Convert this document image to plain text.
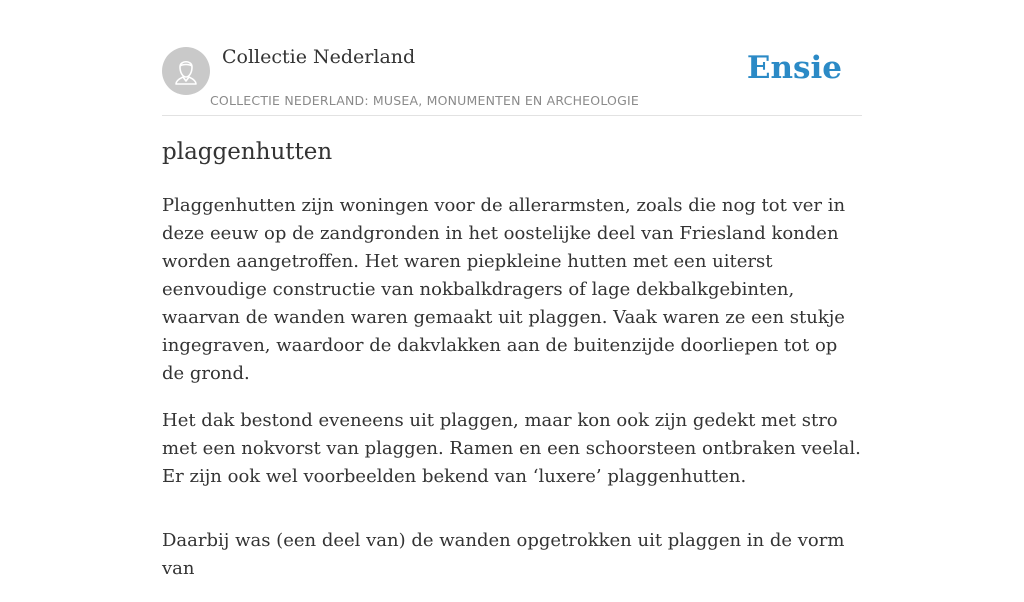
Collectie Nederland
COLLECTIE NEDERLAND: MUSEA, MONUMENTEN EN ARCHEOLOGIE
Ensie
plaggenhutten

Plaggenhutten zijn woningen voor de allerarmsten, zoals die nog tot ver in deze eeuw op de zandgronden in het oostelijke deel van Friesland konden worden aangetroffen. Het waren piepkleine hutten met een uiterst eenvoudige constructie van nokbalkdragers of lage dekbalkgebinten, waarvan de wanden waren gemaakt uit plaggen. Vaak waren ze een stukje ingegraven, waardoor de dakvlakken aan de buitenzijde doorliepen tot op de grond.

Het dak bestond eveneens uit plaggen, maar kon ook zijn gedekt met stro met een nokvorst van plaggen. Ramen en een schoorsteen ontbraken veelal. Er zijn ook wel voorbeelden bekend van ‘luxere’ plaggenhutten.

Daarbij was (een deel van) de wanden opgetrokken uit plaggen in de vorm van
